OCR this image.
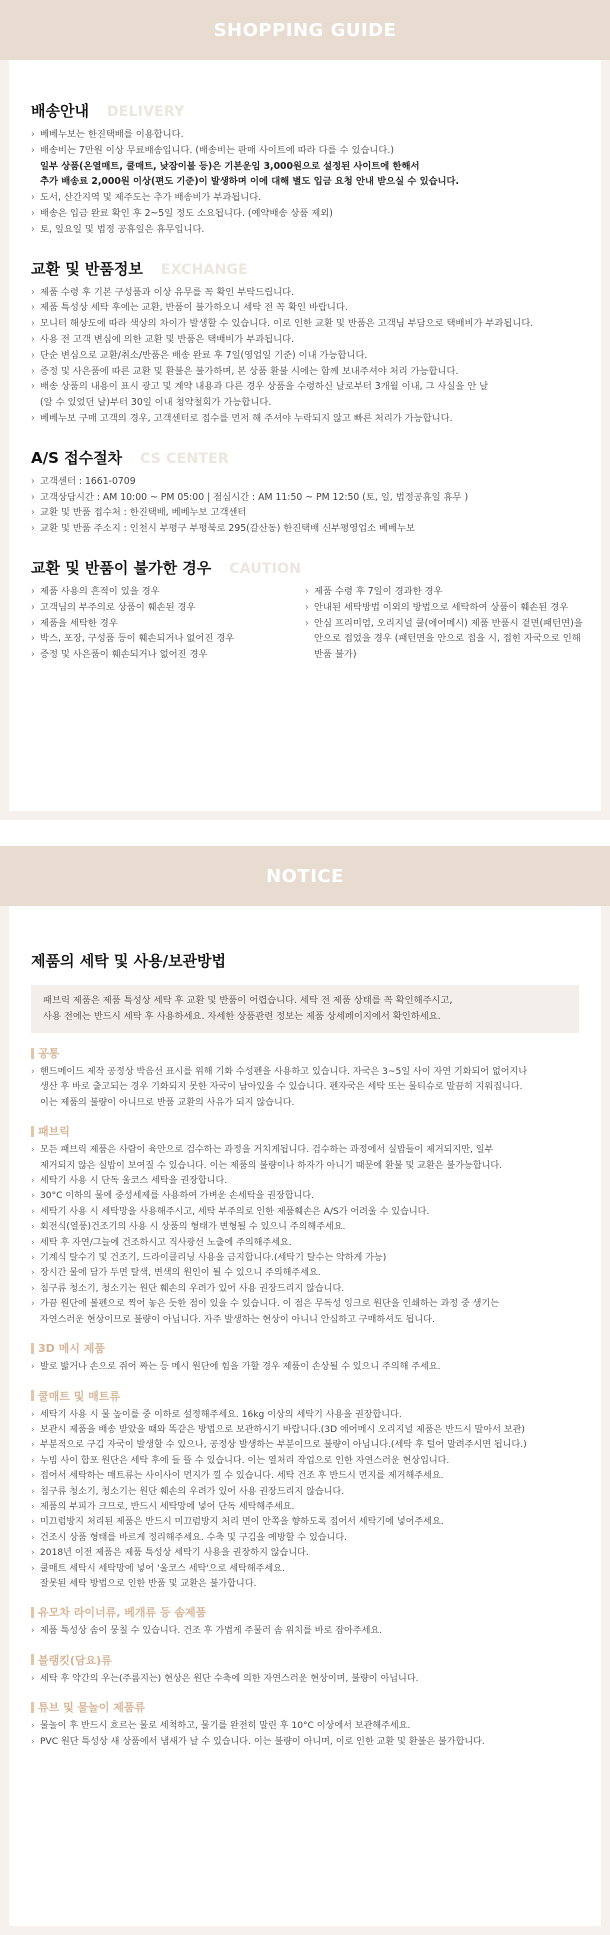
SHOPPING GUIDE
배송안내 DELIVERY
› 베베누보는 한진택배를 이용합니다.
› 배송비는 7만원 이상 무료배송입니다. (배송비는 판매 사이트에 따라 다를 수 있습니다.)
일부 상품(온열매트, 쿨매트, 낮잠이불 등)은 기본운임 3,000원으로 설정된 사이트에 한해서
추가 배송료 2,000원 이상(편도 기준)이 발생하며 이에 대해 별도 입금 요청 안내 받으실 수 있습니다.
› 도서, 산간지역 및 제주도는 추가 배송비가 부과됩니다.
› 배송은 입금 완료 확인 후 2~5일 정도 소요됩니다. (예약배송 상품 제외)
› 토, 일요일 및 법정 공휴일은 휴무입니다.
교환 및 반품정보 EXCHANGE
› 제품 수령 후 기본 구성품과 이상 유무를 꼭 확인 부탁드립니다.
› 제품 특성상 세탁 후에는 교환, 반품이 불가하오니 세탁 전 꼭 확인 바랍니다.
› 모니터 해상도에 따라 색상의 차이가 발생할 수 있습니다. 이로 인한 교환 및 반품은 고객님 부담으로 택배비가 부과됩니다.
› 사용 전 고객 변심에 의한 교환 및 반품은 택배비가 부과됩니다.
› 단순 변심으로 교환/취소/반품은 배송 완료 후 7일(영업일 기준) 이내 가능합니다.
› 증정 및 사은품에 따른 교환 및 환불은 불가하며, 본 상품 환불 시에는 함께 보내주셔야 처리 가능합니다.
› 배송 상품의 내용이 표시 광고 및 계약 내용과 다른 경우 상품을 수령하신 날로부터 3개월 이내, 그 사실을 안 날
(알 수 있었던 날)부터 30일 이내 청약철회가 가능합니다.
› 베베누보 구매 고객의 경우, 고객센터로 접수를 먼저 해 주셔야 누락되지 않고 빠른 처리가 가능합니다.
A/S 접수절차 CS CENTER
› 고객센터 : 1661-0709
› 고객상담시간 : AM 10:00 ~ PM 05:00 | 점심시간 : AM 11:50 ~ PM 12:50 (토, 일, 법정공휴일 휴무 )
› 교환 및 반품 접수처 : 한진택배, 베베누보 고객센터
› 교환 및 반품 주소지 : 인천시 부평구 부평북로 295(갈산동) 한진택배 신부평영업소 베베누보
교환 및 반품이 불가한 경우 CAUTION
› 제품 사용의 흔적이 있을 경우
› 고객님의 부주의로 상품이 훼손된 경우
› 제품을 세탁한 경우
› 박스, 포장, 구성품 등이 훼손되거나 없어진 경우
› 증정 및 사은품이 훼손되거나 없어진 경우
› 제품 수령 후 7일이 경과한 경우
› 안내된 세탁방법 이외의 방법으로 세탁하여 상품이 훼손된 경우
› 안심 프리미엄, 오리지널 쿨(에어메시) 제품 반품시 겉면(패턴면)을
안으로 접었을 경우 (패턴면을 안으로 접을 시, 접힌 자국으로 인해
반품 불가)
NOTICE
제품의 세탁 및 사용/보관방법
패브릭 제품은 제품 특성상 세탁 후 교환 및 반품이 어렵습니다. 세탁 전 제품 상태를 꼭 확인해주시고,
사용 전에는 반드시 세탁 후 사용하세요. 자세한 상품관련 정보는 제품 상세페이지에서 확인하세요.
공통
› 핸드메이드 제작 공정상 박음선 표시를 위해 기화 수성펜을 사용하고 있습니다. 자국은 3~5일 사이 자연 기화되어 없어지나
생산 후 바로 출고되는 경우 기화되지 못한 자국이 남아있을 수 있습니다. 펜자국은 세탁 또는 물티슈로 말끔히 지워집니다.
이는 제품의 불량이 아니므로 반품 교환의 사유가 되지 않습니다.
패브릭
› 모든 패브릭 제품은 사람이 육안으로 검수하는 과정을 거치게됩니다. 검수하는 과정에서 실밥들이 제거되지만, 일부
제거되지 않은 실밥이 보여질 수 있습니다. 이는 제품의 불량이나 하자가 아니기 때문에 환불 및 교환은 불가능합니다.
› 세탁기 사용 시 단독 울코스 세탁을 권장합니다.
› 30°C 이하의 물에 중성세제를 사용하여 가벼운 손세탁을 권장합니다.
› 세탁기 사용 시 세탁망을 사용해주시고, 세탁 부주의로 인한 제품훼손은 A/S가 어려울 수 있습니다.
› 회전식(열풍)건조기의 사용 시 상품의 형태가 변형될 수 있으니 주의해주세요.
› 세탁 후 자연/그늘에 건조하시고 직사광선 노출에 주의해주세요.
› 기계식 탈수기 및 건조기, 드라이클리닝 사용을 금지합니다.(세탁기 탈수는 약하게 가능)
› 장시간 물에 담가 두면 탈색, 변색의 원인이 될 수 있으니 주의해주세요.
› 침구류 청소기, 청소기는 원단 훼손의 우려가 있어 사용 권장드리지 않습니다.
› 가끔 원단에 볼펜으로 찍어 놓은 듯한 점이 있을 수 있습니다. 이 점은 무독성 잉크로 원단을 인쇄하는 과정 중 생기는
자연스러운 현상이므로 불량이 아닙니다. 자주 발생하는 현상이 아니니 안심하고 구매하셔도 됩니다.
3D 메시 제품
› 발로 밟거나 손으로 쥐어 짜는 등 메시 원단에 힘을 가할 경우 제품이 손상될 수 있으니 주의해 주세요.
쿨매트 및 매트류
› 세탁기 사용 시 물 높이를 중 이하로 설정해주세요. 16kg 이상의 세탁기 사용을 권장합니다.
› 보관시 제품을 배송 받았을 때와 똑같은 방법으로 보관하시기 바랍니다.(3D 에어메시 오리지널 제품은 반드시 말아서 보관)
› 부분적으로 구김 자국이 발생할 수 있으나, 공정상 발생하는 부분이므로 불량이 아닙니다.(세탁 후 털어 말려주시면 됩니다.)
› 누빔 사이 합포 원단은 세탁 후에 들 뜰 수 있습니다. 이는 열처리 작업으로 인한 자연스러운 현상입니다.
› 접어서 세탁하는 매트류는 사이사이 먼지가 낄 수 있습니다. 세탁 건조 후 반드시 먼지를 제거해주세요.
› 침구류 청소기, 청소기는 원단 훼손의 우려가 있어 사용 권장드리지 않습니다.
› 제품의 부피가 크므로, 반드시 세탁망에 넣어 단독 세탁해주세요.
› 미끄럼방지 처리된 제품은 반드시 미끄럼방지 처리 면이 안쪽을 향하도록 접어서 세탁기에 넣어주세요.
› 건조시 상품 형태를 바르게 정리해주세요. 수축 및 구김을 예방할 수 있습니다.
› 2018년 이전 제품은 제품 특성상 세탁기 사용을 권장하지 않습니다.
› 쿨매트 세탁시 세탁망에 넣어 '울코스 세탁'으로 세탁해주세요.
잘못된 세탁 방법으로 인한 반품 및 교환은 불가합니다.
유모차 라이너류, 베개류 등 솜제품
› 제품 특성상 솜이 뭉칠 수 있습니다. 건조 후 가볍게 주물러 솜 위치를 바로 잡아주세요.
블랭킷(담요)류
› 세탁 후 약간의 우는(주름지는) 현상은 원단 수축에 의한 자연스러운 현상이며, 불량이 아닙니다.
튜브 및 물놀이 제품류
› 물놀이 후 반드시 흐르는 물로 세척하고, 물기를 완전히 말린 후 10°C 이상에서 보관해주세요.
› PVC 원단 특성상 새 상품에서 냄새가 날 수 있습니다. 이는 불량이 아니며, 이로 인한 교환 및 환불은 불가합니다.
